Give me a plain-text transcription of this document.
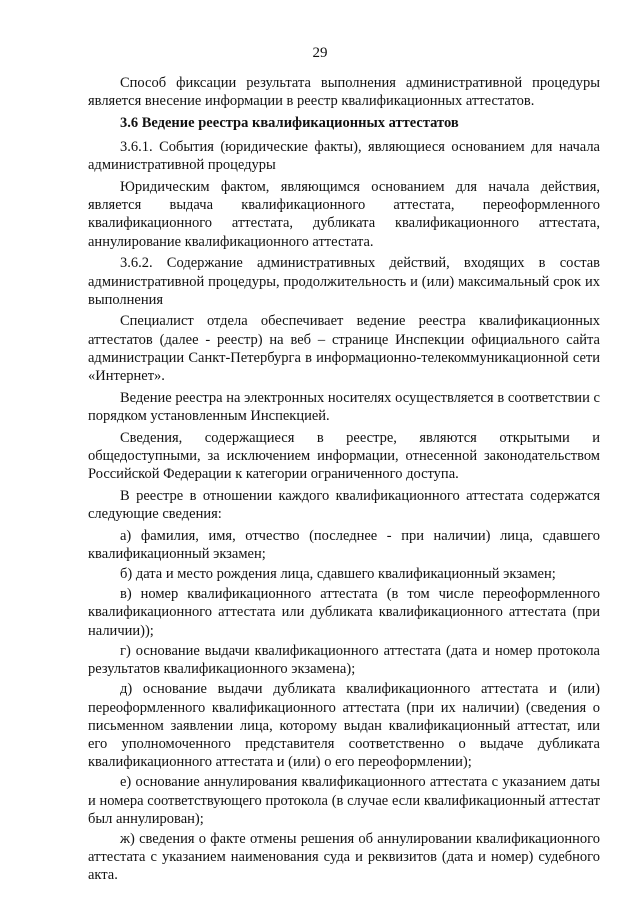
29

Способ фиксации результата выполнения административной процедуры является внесение информации в реестр квалификационных аттестатов.

3.6 Ведение реестра квалификационных аттестатов

3.6.1. События (юридические факты), являющиеся основанием для начала административной процедуры

Юридическим фактом, являющимся основанием для начала действия, является выдача квалификационного аттестата, переоформленного квалификационного аттестата, дубликата квалификационного аттестата, аннулирование квалификационного аттестата.

3.6.2. Содержание административных действий, входящих в состав административной процедуры, продолжительность и (или) максимальный срок их выполнения

Специалист отдела обеспечивает ведение реестра квалификационных аттестатов (далее - реестр) на веб – странице Инспекции официального сайта администрации Санкт-Петербурга в информационно-телекоммуникационной сети «Интернет».

Ведение реестра на электронных носителях осуществляется в соответствии с порядком установленным Инспекцией.

Сведения, содержащиеся в реестре, являются открытыми и общедоступными, за исключением информации, отнесенной законодательством Российской Федерации к категории ограниченного доступа.

В реестре в отношении каждого квалификационного аттестата содержатся следующие сведения:

а) фамилия, имя, отчество (последнее - при наличии) лица, сдавшего квалификационный экзамен;

б) дата и место рождения лица, сдавшего квалификационный экзамен;

в) номер квалификационного аттестата (в том числе переоформленного квалификационного аттестата или дубликата квалификационного аттестата (при наличии));

г) основание выдачи квалификационного аттестата (дата и номер протокола результатов квалификационного экзамена);

д) основание выдачи дубликата квалификационного аттестата и (или) переоформленного квалификационного аттестата (при их наличии) (сведения о письменном заявлении лица, которому выдан квалификационный аттестат, или его уполномоченного представителя соответственно о выдаче дубликата квалификационного аттестата и (или) о его переоформлении);

е) основание аннулирования квалификационного аттестата с указанием даты и номера соответствующего протокола (в случае если квалификационный аттестат был аннулирован);

ж) сведения о факте отмены решения об аннулировании квалификационного аттестата с указанием наименования суда и реквизитов (дата и номер) судебного акта.
